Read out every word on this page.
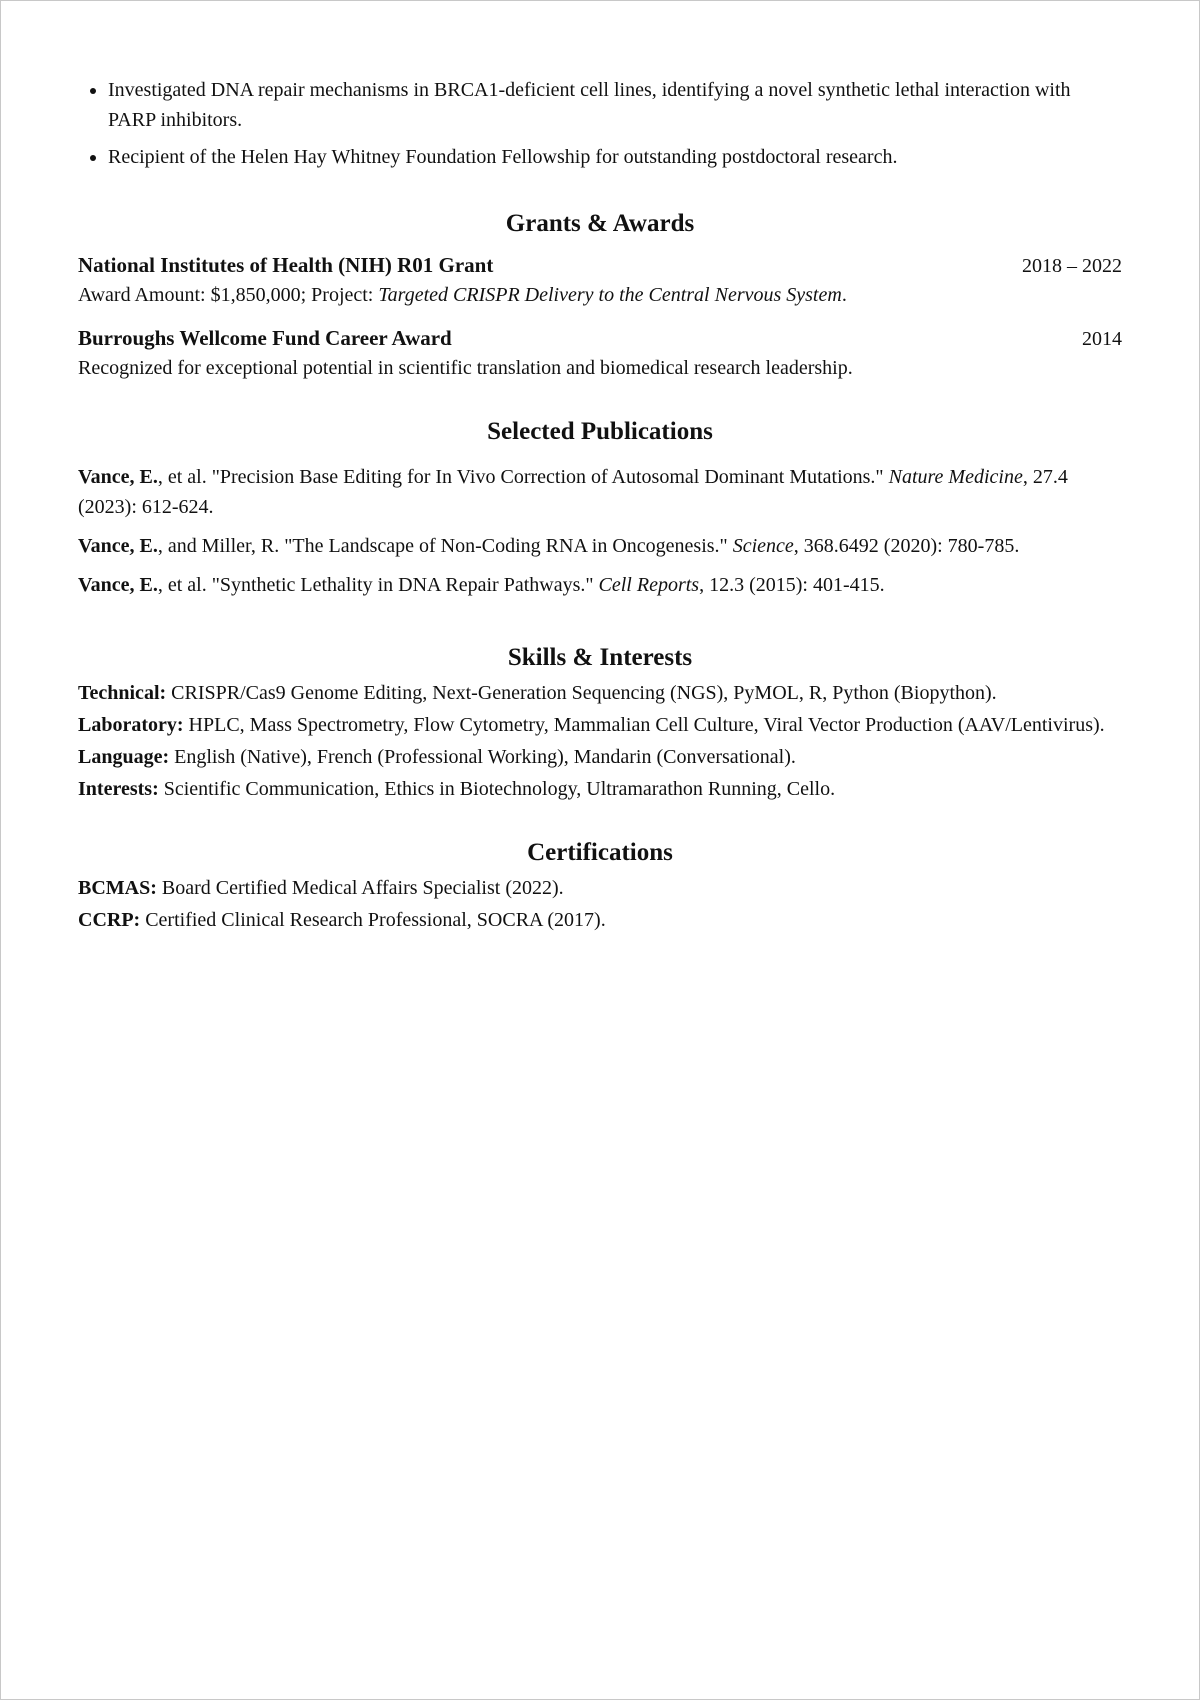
• Investigated DNA repair mechanisms in BRCA1-deficient cell lines, identifying a novel synthetic lethal interaction with PARP inhibitors.
• Recipient of the Helen Hay Whitney Foundation Fellowship for outstanding postdoctoral research.
Grants & Awards
National Institutes of Health (NIH) R01 Grant	2018 – 2022
Award Amount: $1,850,000; Project: Targeted CRISPR Delivery to the Central Nervous System.
Burroughs Wellcome Fund Career Award	2014
Recognized for exceptional potential in scientific translation and biomedical research leadership.
Selected Publications
Vance, E., et al. "Precision Base Editing for In Vivo Correction of Autosomal Dominant Mutations." Nature Medicine, 27.4 (2023): 612-624.
Vance, E., and Miller, R. "The Landscape of Non-Coding RNA in Oncogenesis." Science, 368.6492 (2020): 780-785.
Vance, E., et al. "Synthetic Lethality in DNA Repair Pathways." Cell Reports, 12.3 (2015): 401-415.
Skills & Interests
Technical: CRISPR/Cas9 Genome Editing, Next-Generation Sequencing (NGS), PyMOL, R, Python (Biopython).
Laboratory: HPLC, Mass Spectrometry, Flow Cytometry, Mammalian Cell Culture, Viral Vector Production (AAV/Lentivirus).
Language: English (Native), French (Professional Working), Mandarin (Conversational).
Interests: Scientific Communication, Ethics in Biotechnology, Ultramarathon Running, Cello.
Certifications
BCMAS: Board Certified Medical Affairs Specialist (2022).
CCRP: Certified Clinical Research Professional, SOCRA (2017).
